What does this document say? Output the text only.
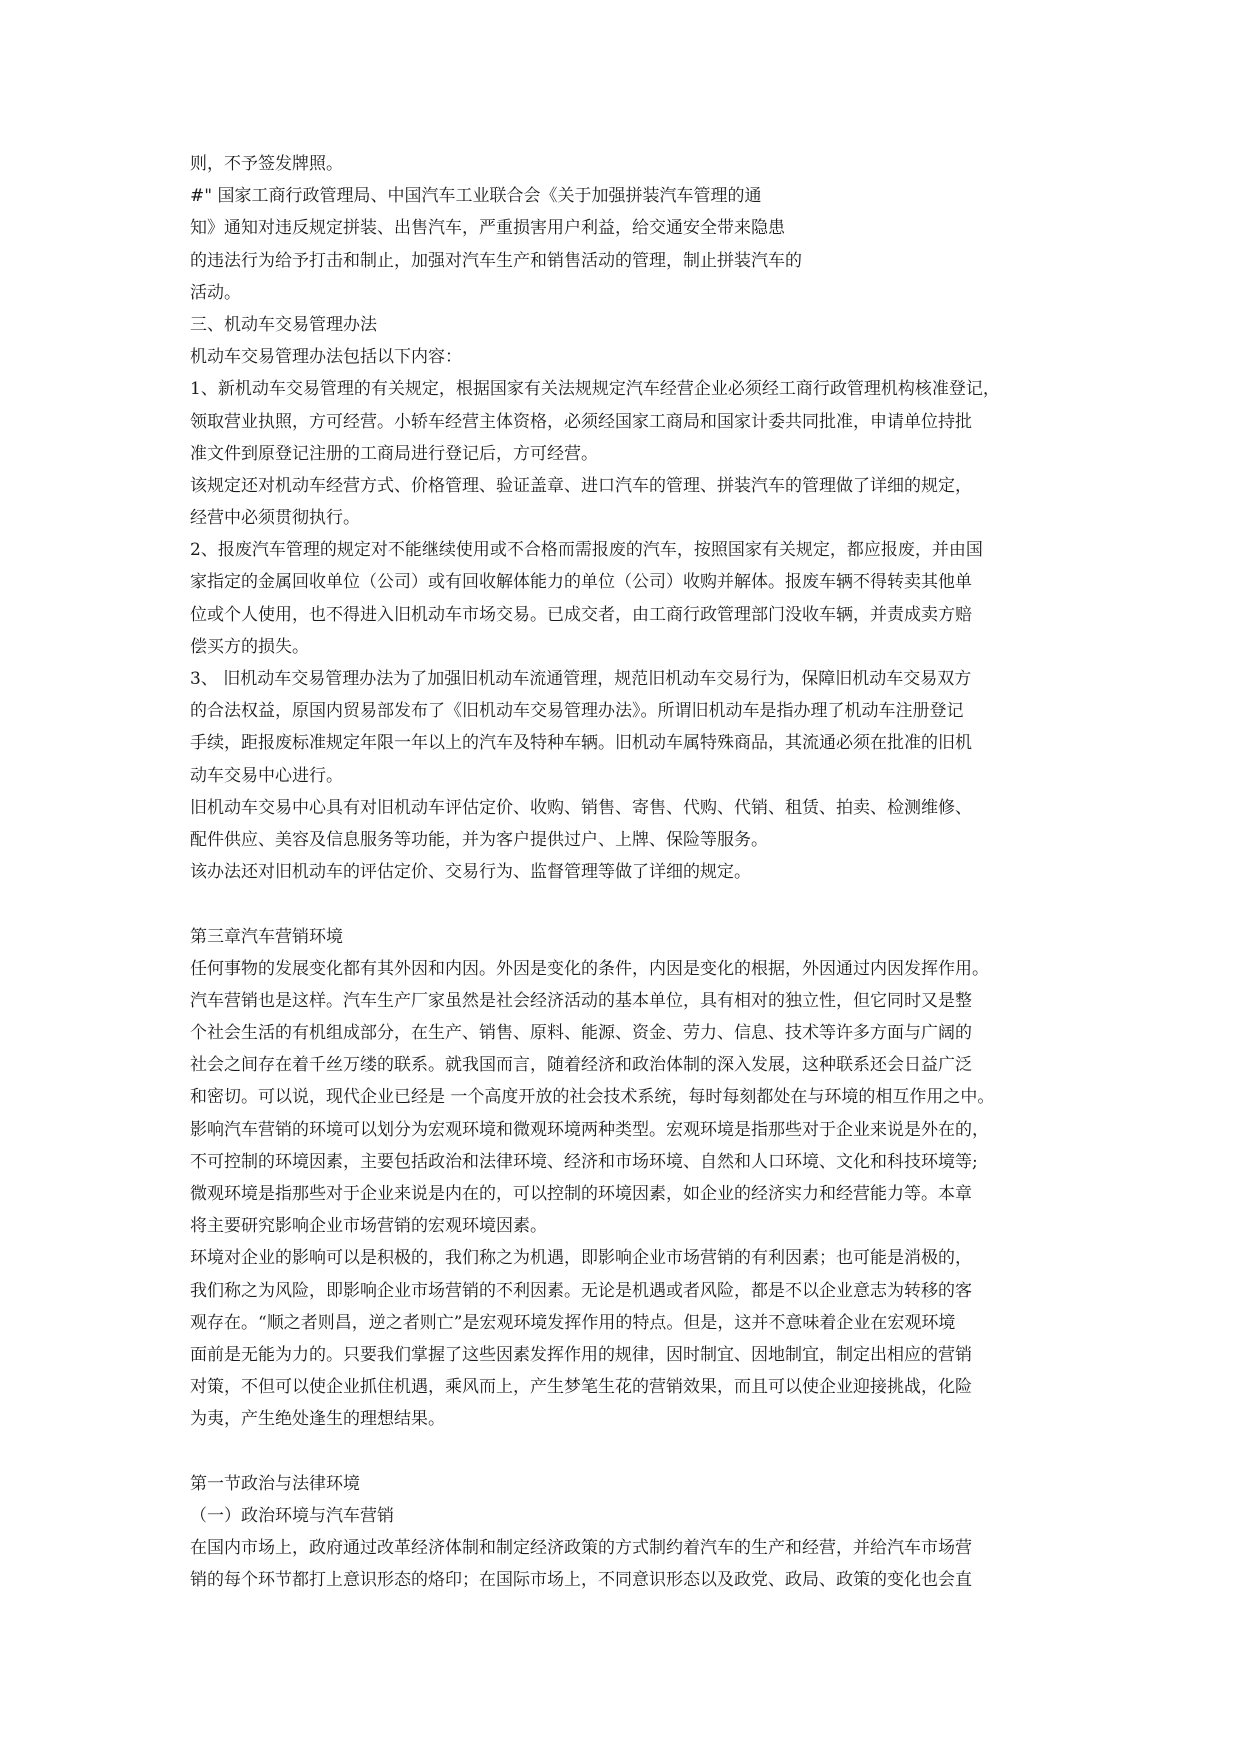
则，不予签发牌照。
#" 国家工商行政管理局、中国汽车工业联合会《关于加强拼装汽车管理的通
知》通知对违反规定拼装、出售汽车，严重损害用户利益，给交通安全带来隐患
的违法行为给予打击和制止，加强对汽车生产和销售活动的管理，制止拼装汽车的
活动。
三、机动车交易管理办法
机动车交易管理办法包括以下内容：
1、新机动车交易管理的有关规定，根据国家有关法规规定汽车经营企业必须经工商行政管理机构核准登记，
领取营业执照，方可经营。小轿车经营主体资格，必须经国家工商局和国家计委共同批准，申请单位持批
准文件到原登记注册的工商局进行登记后，方可经营。
该规定还对机动车经营方式、价格管理、验证盖章、进口汽车的管理、拼装汽车的管理做了详细的规定，
经营中必须贯彻执行。
2、报废汽车管理的规定对不能继续使用或不合格而需报废的汽车，按照国家有关规定，都应报废，并由国
家指定的金属回收单位（公司）或有回收解体能力的单位（公司）收购并解体。报废车辆不得转卖其他单
位或个人使用，也不得进入旧机动车市场交易。已成交者，由工商行政管理部门没收车辆，并责成卖方赔
偿买方的损失。
3、 旧机动车交易管理办法为了加强旧机动车流通管理，规范旧机动车交易行为，保障旧机动车交易双方
的合法权益，原国内贸易部发布了《旧机动车交易管理办法》。所谓旧机动车是指办理了机动车注册登记
手续，距报废标准规定年限一年以上的汽车及特种车辆。旧机动车属特殊商品，其流通必须在批准的旧机
动车交易中心进行。
旧机动车交易中心具有对旧机动车评估定价、收购、销售、寄售、代购、代销、租赁、拍卖、检测维修、
配件供应、美容及信息服务等功能，并为客户提供过户、上牌、保险等服务。
该办法还对旧机动车的评估定价、交易行为、监督管理等做了详细的规定。
第三章汽车营销环境
任何事物的发展变化都有其外因和内因。外因是变化的条件，内因是变化的根据，外因通过内因发挥作用。
汽车营销也是这样。汽车生产厂家虽然是社会经济活动的基本单位，具有相对的独立性，但它同时又是整
个社会生活的有机组成部分，在生产、销售、原料、能源、资金、劳力、信息、技术等许多方面与广阔的
社会之间存在着千丝万缕的联系。就我国而言，随着经济和政治体制的深入发展，这种联系还会日益广泛
和密切。可以说，现代企业已经是 一个高度开放的社会技术系统，每时每刻都处在与环境的相互作用之中。
影响汽车营销的环境可以划分为宏观环境和微观环境两种类型。宏观环境是指那些对于企业来说是外在的，
不可控制的环境因素，主要包括政治和法律环境、经济和市场环境、自然和人口环境、文化和科技环境等;
微观环境是指那些对于企业来说是内在的，可以控制的环境因素，如企业的经济实力和经营能力等。本章
将主要研究影响企业市场营销的宏观环境因素。
环境对企业的影响可以是积极的，我们称之为机遇，即影响企业市场营销的有利因素；也可能是消极的，
我们称之为风险，即影响企业市场营销的不利因素。无论是机遇或者风险，都是不以企业意志为转移的客
观存在。“顺之者则昌，逆之者则亡”是宏观环境发挥作用的特点。但是，这并不意味着企业在宏观环境
面前是无能为力的。只要我们掌握了这些因素发挥作用的规律，因时制宜、因地制宜，制定出相应的营销
对策，不但可以使企业抓住机遇，乘风而上，产生梦笔生花的营销效果，而且可以使企业迎接挑战，化险
为夷，产生绝处逢生的理想结果。
第一节政治与法律环境
（一）政治环境与汽车营销
在国内市场上，政府通过改革经济体制和制定经济政策的方式制约着汽车的生产和经营，并给汽车市场营
销的每个环节都打上意识形态的烙印；在国际市场上，不同意识形态以及政党、政局、政策的变化也会直
